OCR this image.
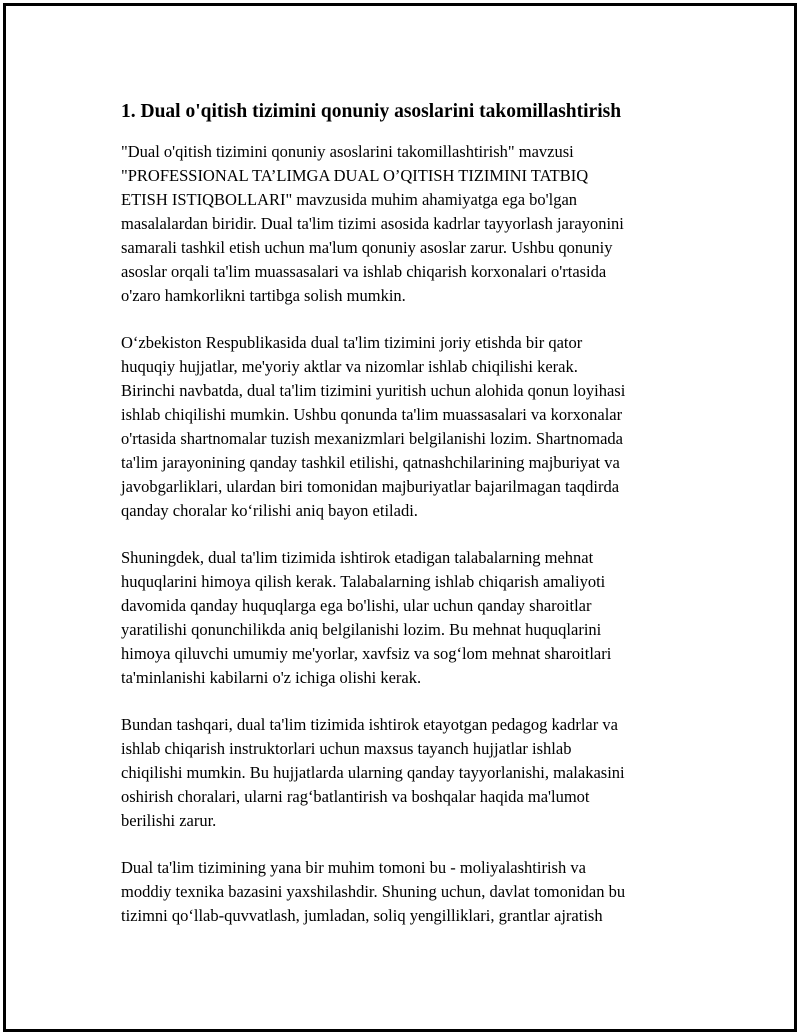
1. Dual o'qitish tizimini qonuniy asoslarini takomillashtirish

"Dual o'qitish tizimini qonuniy asoslarini takomillashtirish" mavzusi
"PROFESSIONAL TA’LIMGA DUAL O’QITISH TIZIMINI TATBIQ
ETISH ISTIQBOLLARI" mavzusida muhim ahamiyatga ega bo'lgan
masalalardan biridir. Dual ta'lim tizimi asosida kadrlar tayyorlash jarayonini
samarali tashkil etish uchun ma'lum qonuniy asoslar zarur. Ushbu qonuniy
asoslar orqali ta'lim muassasalari va ishlab chiqarish korxonalari o'rtasida
o'zaro hamkorlikni tartibga solish mumkin.

O‘zbekiston Respublikasida dual ta'lim tizimini joriy etishda bir qator
huquqiy hujjatlar, me'yoriy aktlar va nizomlar ishlab chiqilishi kerak.
Birinchi navbatda, dual ta'lim tizimini yuritish uchun alohida qonun loyihasi
ishlab chiqilishi mumkin. Ushbu qonunda ta'lim muassasalari va korxonalar
o'rtasida shartnomalar tuzish mexanizmlari belgilanishi lozim. Shartnomada
ta'lim jarayonining qanday tashkil etilishi, qatnashchilarining majburiyat va
javobgarliklari, ulardan biri tomonidan majburiyatlar bajarilmagan taqdirda
qanday choralar ko‘rilishi aniq bayon etiladi.

Shuningdek, dual ta'lim tizimida ishtirok etadigan talabalarning mehnat
huquqlarini himoya qilish kerak. Talabalarning ishlab chiqarish amaliyoti
davomida qanday huquqlarga ega bo'lishi, ular uchun qanday sharoitlar
yaratilishi qonunchilikda aniq belgilanishi lozim. Bu mehnat huquqlarini
himoya qiluvchi umumiy me'yorlar, xavfsiz va sog‘lom mehnat sharoitlari
ta'minlanishi kabilarni o'z ichiga olishi kerak.

Bundan tashqari, dual ta'lim tizimida ishtirok etayotgan pedagog kadrlar va
ishlab chiqarish instruktorlari uchun maxsus tayanch hujjatlar ishlab
chiqilishi mumkin. Bu hujjatlarda ularning qanday tayyorlanishi, malakasini
oshirish choralari, ularni rag‘batlantirish va boshqalar haqida ma'lumot
berilishi zarur.

Dual ta'lim tizimining yana bir muhim tomoni bu - moliyalashtirish va
moddiy texnika bazasini yaxshilashdir. Shuning uchun, davlat tomonidan bu
tizimni qo‘llab-quvvatlash, jumladan, soliq yengilliklari, grantlar ajratish
